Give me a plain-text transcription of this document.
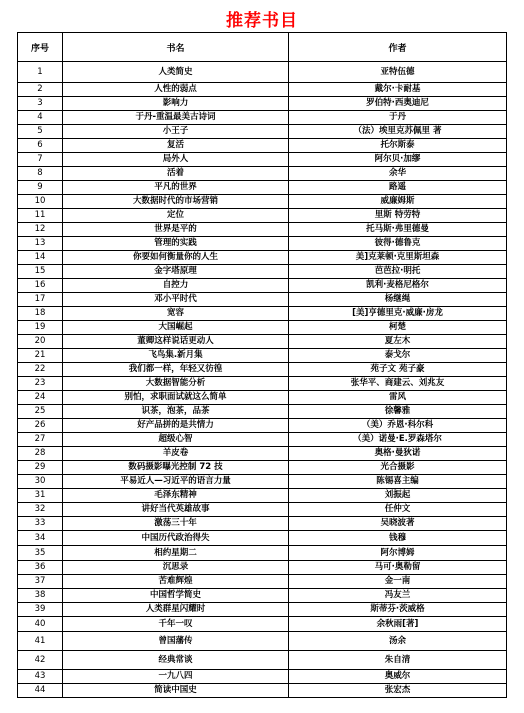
推荐书目
序号	书名	作者
1	人类简史	亚特伍德
2	人性的弱点	戴尔·卡耐基
3	影响力	罗伯特·西奥迪尼
4	于丹-重温最美古诗词	于丹
5	小王子	（法）埃里克苏佩里 著
6	复活	托尔斯泰
7	局外人	阿尔贝·加缪
8	活着	余华
9	平凡的世界	路遥
10	大数据时代的市场营销	威廉姆斯
11	定位	里斯 特劳特
12	世界是平的	托马斯·弗里德曼
13	管理的实践	彼得·德鲁克
14	你要如何衡量你的人生	美]克莱顿·克里斯坦森
15	金字塔原理	芭芭拉·明托
16	自控力	凯利·麦格尼格尔
17	邓小平时代	杨继绳
18	宽容	[美]亨德里克·威廉·房龙
19	大国崛起	柯楚
20	董卿这样说话更动人	夏左木
21	飞鸟集.新月集	泰戈尔
22	我们都一样，年轻又彷徨	苑子文 苑子豪
23	大数据智能分析	张华平、商建云、刘兆友
24	别怕，求职面试就这么简单	雷风
25	识茶，泡茶，品茶	徐馨雅
26	好产品拼的是共情力	（美）乔恩·科尔科
27	超级心智	（美）诺曼·E.罗森塔尔
28	羊皮卷	奥格·曼狄诺
29	数码摄影曝光控制 72 技	光合摄影
30	平易近人—习近平的语言力量	陈锡喜主编
31	毛泽东精神	刘振起
32	讲好当代英雄故事	任仲文
33	激荡三十年	吴晓波著
34	中国历代政治得失	钱穆
35	相约星期二	阿尔博姆
36	沉思录	马可·奥勒留
37	苦难辉煌	金一南
38	中国哲学简史	冯友兰
39	人类群星闪耀时	斯蒂芬·茨威格
40	千年一叹	余秋雨[著]
41	曾国藩传	汤余
42	经典常谈	朱自清
43	一九八四	奥威尔
44	简读中国史	张宏杰
